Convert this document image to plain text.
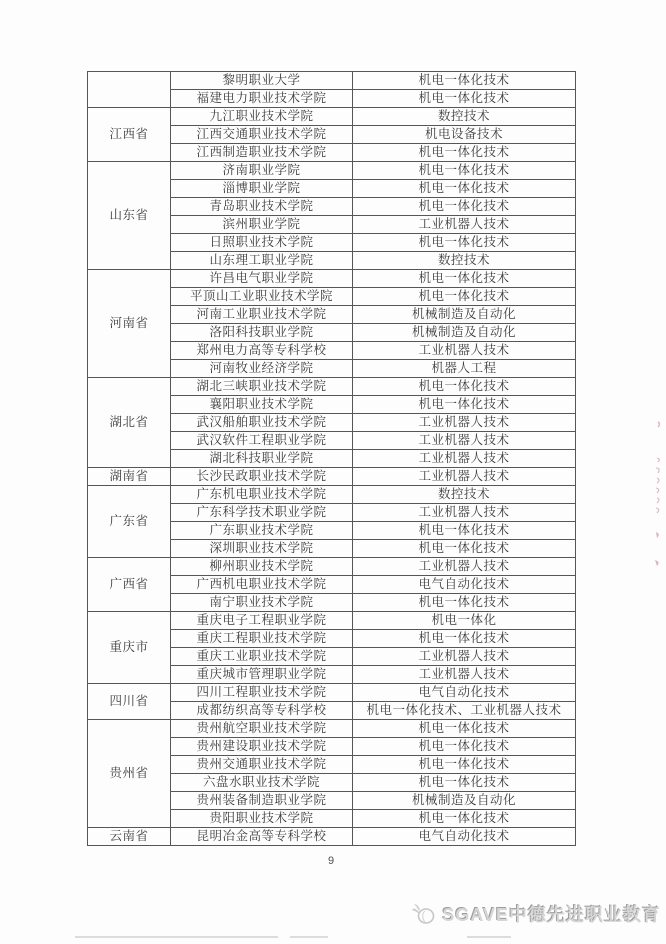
	黎明职业大学	机电一体化技术
	福建电力职业技术学院	机电一体化技术
江西省	九江职业技术学院	数控技术
	江西交通职业技术学院	机电设备技术
	江西制造职业技术学院	机电一体化技术
山东省	济南职业学院	机电一体化技术
	淄博职业学院	机电一体化技术
	青岛职业技术学院	机电一体化技术
	滨州职业学院	工业机器人技术
	日照职业技术学院	机电一体化技术
	山东理工职业学院	数控技术
河南省	许昌电气职业学院	机电一体化技术
	平顶山工业职业技术学院	机电一体化技术
	河南工业职业技术学院	机械制造及自动化
	洛阳科技职业学院	机械制造及自动化
	郑州电力高等专科学校	工业机器人技术
	河南牧业经济学院	机器人工程
湖北省	湖北三峡职业技术学院	机电一体化技术
	襄阳职业技术学院	机电一体化技术
	武汉船舶职业技术学院	工业机器人技术
	武汉软件工程职业学院	工业机器人技术
	湖北科技职业学院	工业机器人技术
湖南省	长沙民政职业技术学院	工业机器人技术
广东省	广东机电职业技术学院	数控技术
	广东科学技术职业学院	工业机器人技术
	广东职业技术学院	机电一体化技术
	深圳职业技术学院	机电一体化技术
广西省	柳州职业技术学院	工业机器人技术
	广西机电职业技术学院	电气自动化技术
	南宁职业技术学院	机电一体化技术
重庆市	重庆电子工程职业学院	机电一体化
	重庆工程职业技术学院	机电一体化技术
	重庆工业职业技术学院	工业机器人技术
	重庆城市管理职业学院	工业机器人技术
四川省	四川工程职业技术学院	电气自动化技术
	成都纺织高等专科学校	机电一体化技术、工业机器人技术
贵州省	贵州航空职业技术学院	机电一体化技术
	贵州建设职业技术学院	机电一体化技术
	贵州交通职业技术学院	机电一体化技术
	六盘水职业技术学院	机电一体化技术
	贵州装备制造职业学院	机械制造及自动化
	贵阳职业技术学院	机电一体化技术
云南省	昆明冶金高等专科学校	电气自动化技术
9
SGAVE中德先进职业教育
